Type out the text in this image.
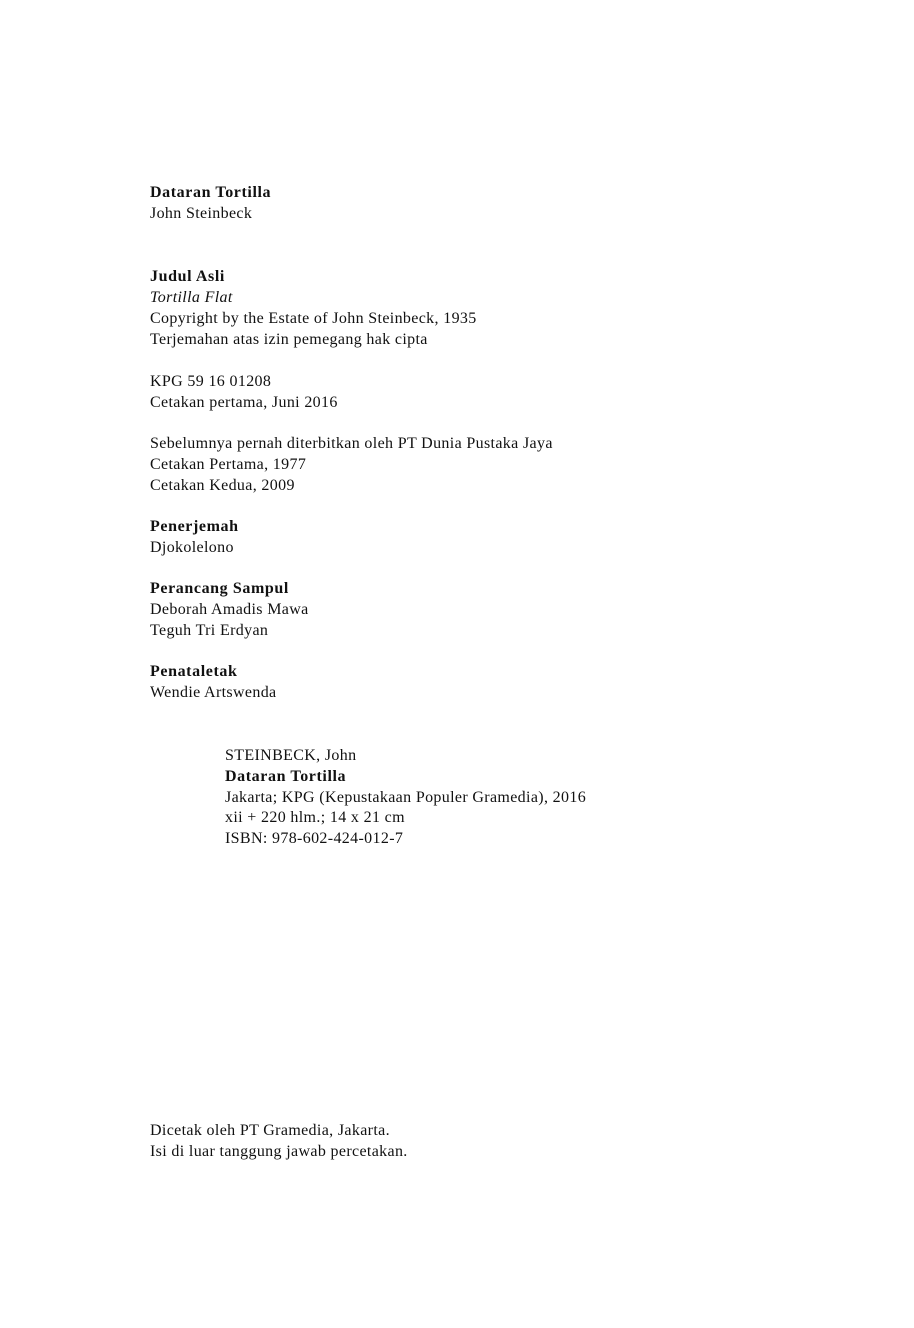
Dataran Tortilla
John Steinbeck
Judul Asli
Tortilla Flat
Copyright by the Estate of John Steinbeck, 1935
Terjemahan atas izin pemegang hak cipta
KPG 59 16 01208
Cetakan pertama, Juni 2016
Sebelumnya pernah diterbitkan oleh PT Dunia Pustaka Jaya
Cetakan Pertama, 1977
Cetakan Kedua, 2009
Penerjemah
Djokolelono
Perancang Sampul
Deborah Amadis Mawa
Teguh Tri Erdyan
Penataletak
Wendie Artswenda
STEINBECK, John
Dataran Tortilla
Jakarta; KPG (Kepustakaan Populer Gramedia), 2016
xii + 220 hlm.; 14 x 21 cm
ISBN: 978-602-424-012-7
Dicetak oleh PT Gramedia, Jakarta.
Isi di luar tanggung jawab percetakan.
